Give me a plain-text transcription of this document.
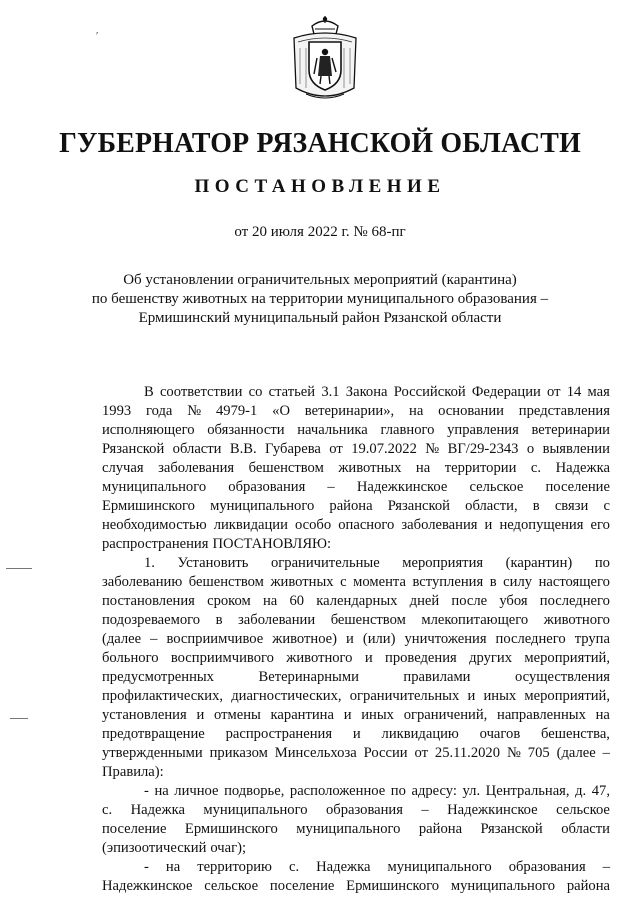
′
ГУБЕРНАТОР РЯЗАНСКОЙ ОБЛАСТИ
ПОСТАНОВЛЕНИЕ
от 20 июля 2022 г. № 68-пг
Об установлении ограничительных мероприятий (карантина)
по бешенству животных на территории муниципального образования –
Ермишинский муниципальный район Рязанской области
В соответствии со статьей 3.1 Закона Российской Федерации от 14 мая
1993 года № 4979-1 «О ветеринарии», на основании представления
исполняющего обязанности начальника главного управления ветеринарии
Рязанской области В.В. Губарева от 19.07.2022 № ВГ/29-2343 о выявлении
случая заболевания бешенством животных на территории с. Надежка
муниципального образования – Надежкинское сельское поселение
Ермишинского муниципального района Рязанской области, в связи с
необходимостью ликвидации особо опасного заболевания и недопущения его
распространения ПОСТАНОВЛЯЮ:
1. Установить ограничительные мероприятия (карантин) по
заболеванию бешенством животных с момента вступления в силу настоящего
постановления сроком на 60 календарных дней после убоя последнего
подозреваемого в заболевании бешенством млекопитающего животного
(далее – восприимчивое животное) и (или) уничтожения последнего трупа
больного восприимчивого животного и проведения других мероприятий,
предусмотренных	Ветеринарными	правилами	осуществления
профилактических, диагностических, ограничительных и иных мероприятий,
установления и отмены карантина и иных ограничений, направленных на
предотвращение распространения и ликвидацию очагов бешенства,
утвержденными приказом Минсельхоза России от 25.11.2020 № 705 (далее –
Правила):
- на личное подворье, расположенное по адресу: ул. Центральная, д. 47,
с. Надежка муниципального образования – Надежкинское сельское
поселение Ермишинского муниципального района Рязанской области
(эпизоотический очаг);
- на территорию с. Надежка муниципального образования –
Надежкинское сельское поселение Ермишинского муниципального района
